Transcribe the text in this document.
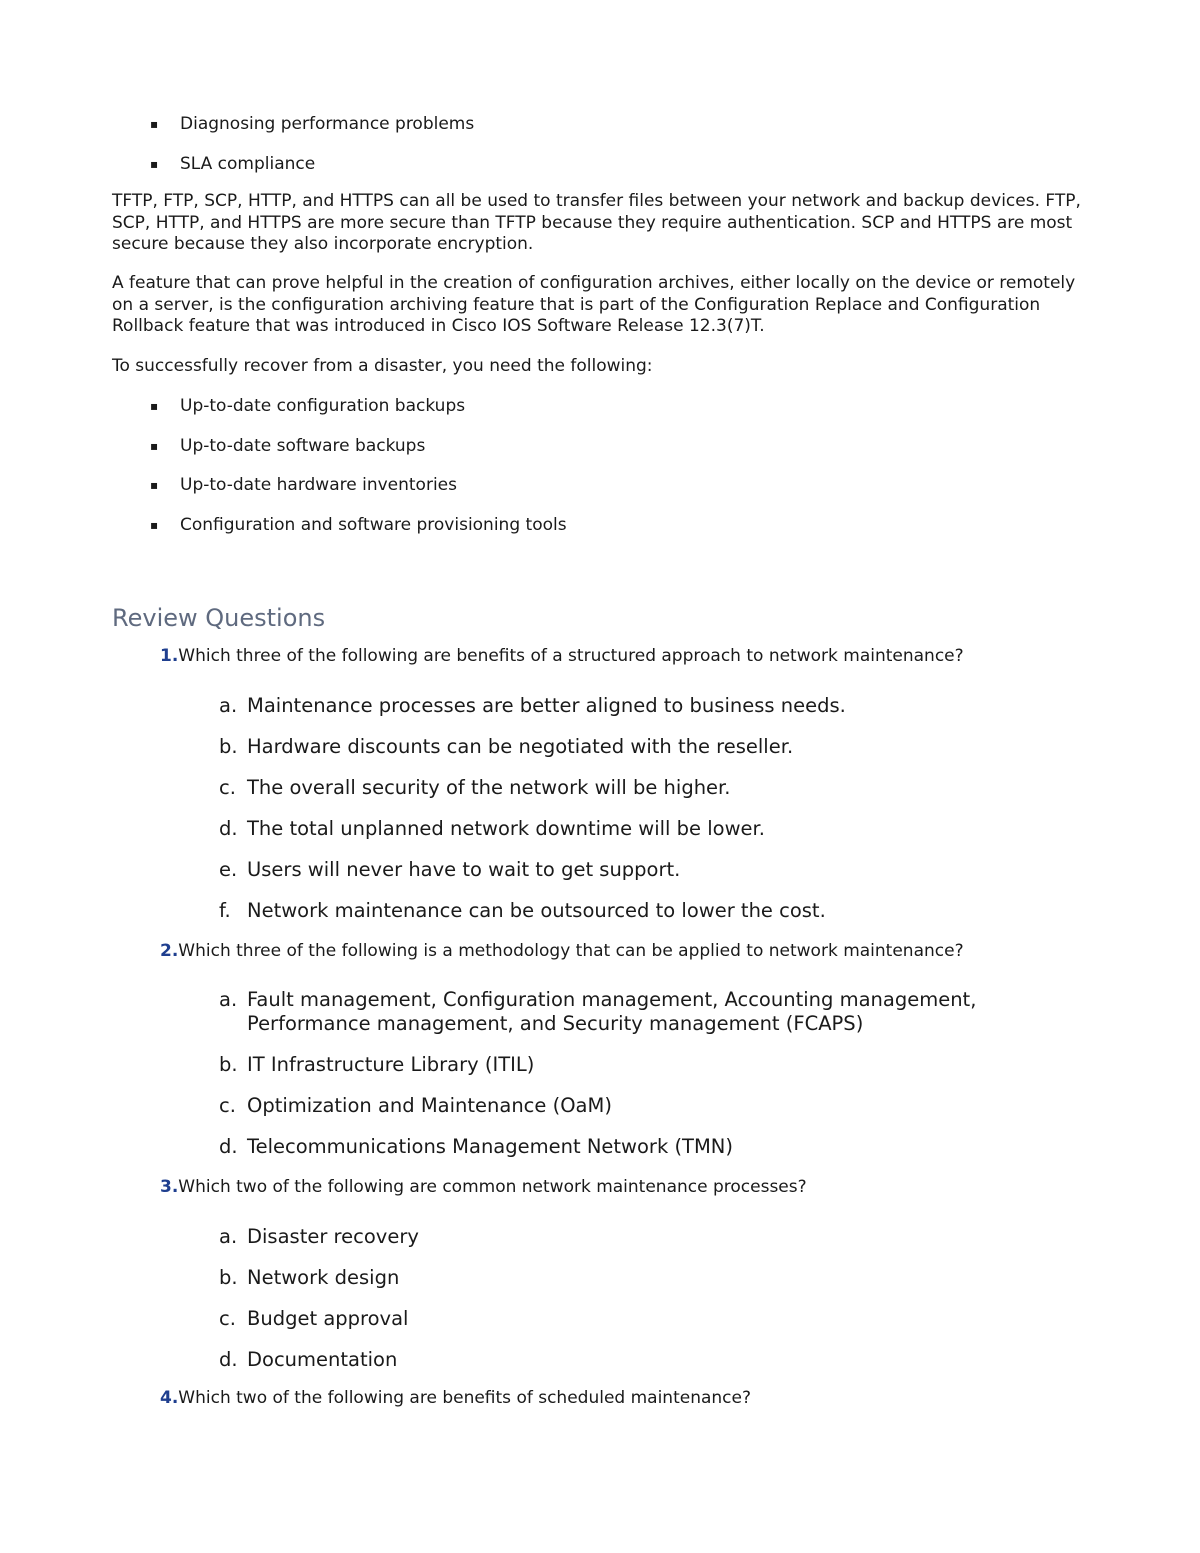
▪ Diagnosing performance problems
▪ SLA compliance

TFTP, FTP, SCP, HTTP, and HTTPS can all be used to transfer files between your network and backup devices. FTP, SCP, HTTP, and HTTPS are more secure than TFTP because they require authentication. SCP and HTTPS are most secure because they also incorporate encryption.

A feature that can prove helpful in the creation of configuration archives, either locally on the device or remotely on a server, is the configuration archiving feature that is part of the Configuration Replace and Configuration Rollback feature that was introduced in Cisco IOS Software Release 12.3(7)T.

To successfully recover from a disaster, you need the following:

▪ Up-to-date configuration backups
▪ Up-to-date software backups
▪ Up-to-date hardware inventories
▪ Configuration and software provisioning tools
Review Questions

1.Which three of the following are benefits of a structured approach to network maintenance?

a. Maintenance processes are better aligned to business needs.
b. Hardware discounts can be negotiated with the reseller.
c. The overall security of the network will be higher.
d. The total unplanned network downtime will be lower.
e. Users will never have to wait to get support.
f. Network maintenance can be outsourced to lower the cost.

2.Which three of the following is a methodology that can be applied to network maintenance?

a. Fault management, Configuration management, Accounting management, Performance management, and Security management (FCAPS)
b. IT Infrastructure Library (ITIL)
c. Optimization and Maintenance (OaM)
d. Telecommunications Management Network (TMN)

3.Which two of the following are common network maintenance processes?

a. Disaster recovery
b. Network design
c. Budget approval
d. Documentation

4.Which two of the following are benefits of scheduled maintenance?
